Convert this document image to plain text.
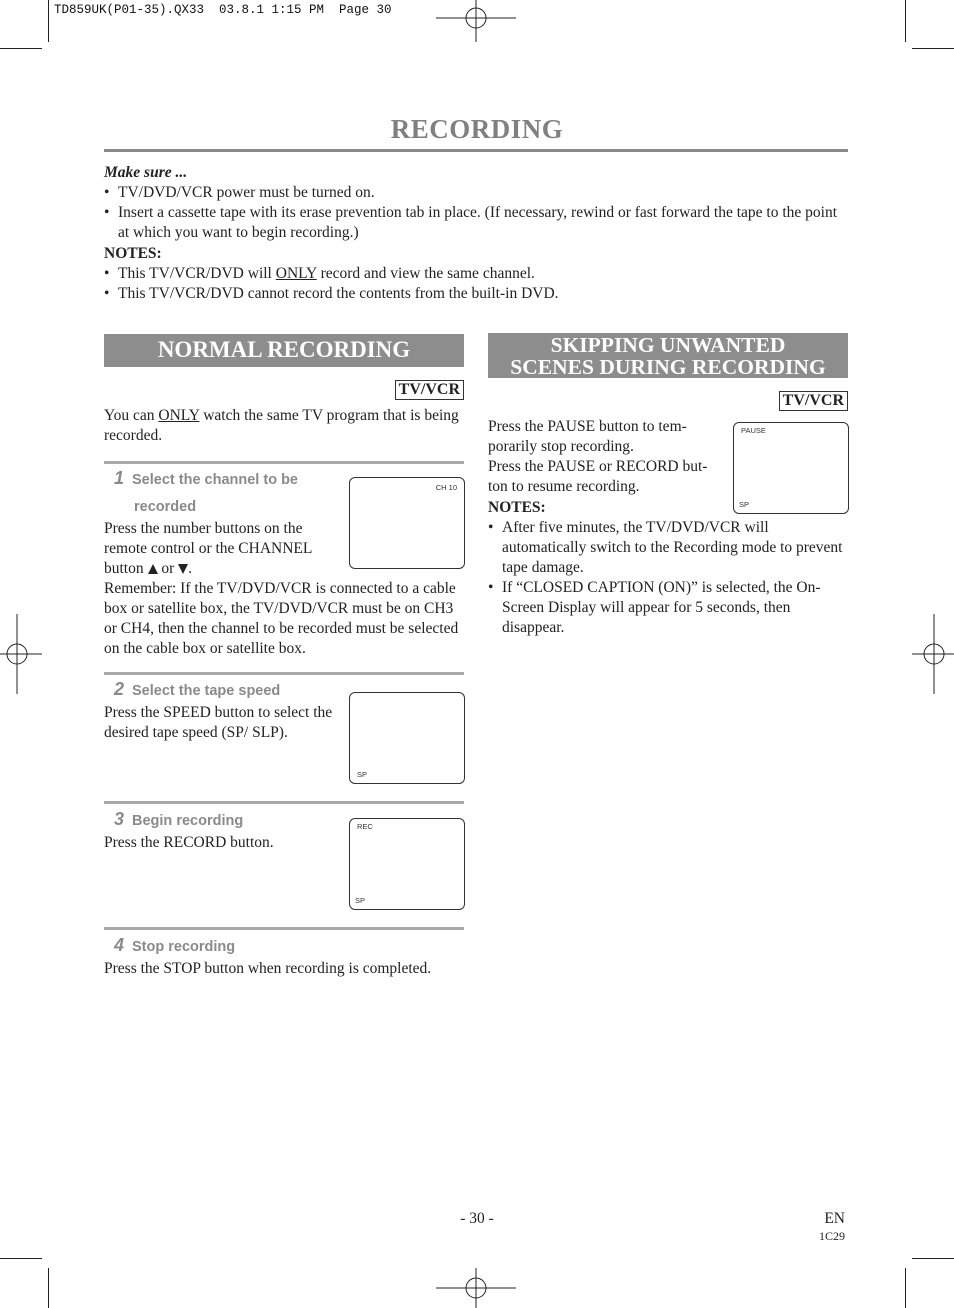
TD859UK(P01-35).QX33  03.8.1 1:15 PM  Page 30
RECORDING
Make sure ...
• TV/DVD/VCR power must be turned on.
• Insert a cassette tape with its erase prevention tab in place. (If necessary, rewind or fast forward the tape to the point at which you want to begin recording.)
NOTES:
• This TV/VCR/DVD will ONLY record and view the same channel.
• This TV/VCR/DVD cannot record the contents from the built-in DVD.
NORMAL RECORDING
TV/VCR
You can ONLY watch the same TV program that is being recorded.
1 Select the channel to be
recorded
Press the number buttons on the
remote control or the CHANNEL
button or .
CH 10
Remember: If the TV/DVD/VCR is connected to a cable box or satellite box, the TV/DVD/VCR must be on CH3 or CH4, then the channel to be recorded must be selected on the cable box or satellite box.
2 Select the tape speed
Press the SPEED button to select the desired tape speed (SP/ SLP).
SP
3 Begin recording
Press the RECORD button.
REC
SP
4 Stop recording
Press the STOP button when recording is completed.
SKIPPING UNWANTED
SCENES DURING RECORDING
TV/VCR
Press the PAUSE button to tem-
porarily stop recording.
Press the PAUSE or RECORD but-
ton to resume recording.
PAUSE
SP
NOTES:
• After five minutes, the TV/DVD/VCR will automatically switch to the Recording mode to prevent tape damage.
• If “CLOSED CAPTION (ON)” is selected, the On-Screen Display will appear for 5 seconds, then disappear.
- 30 -	EN
1C29
